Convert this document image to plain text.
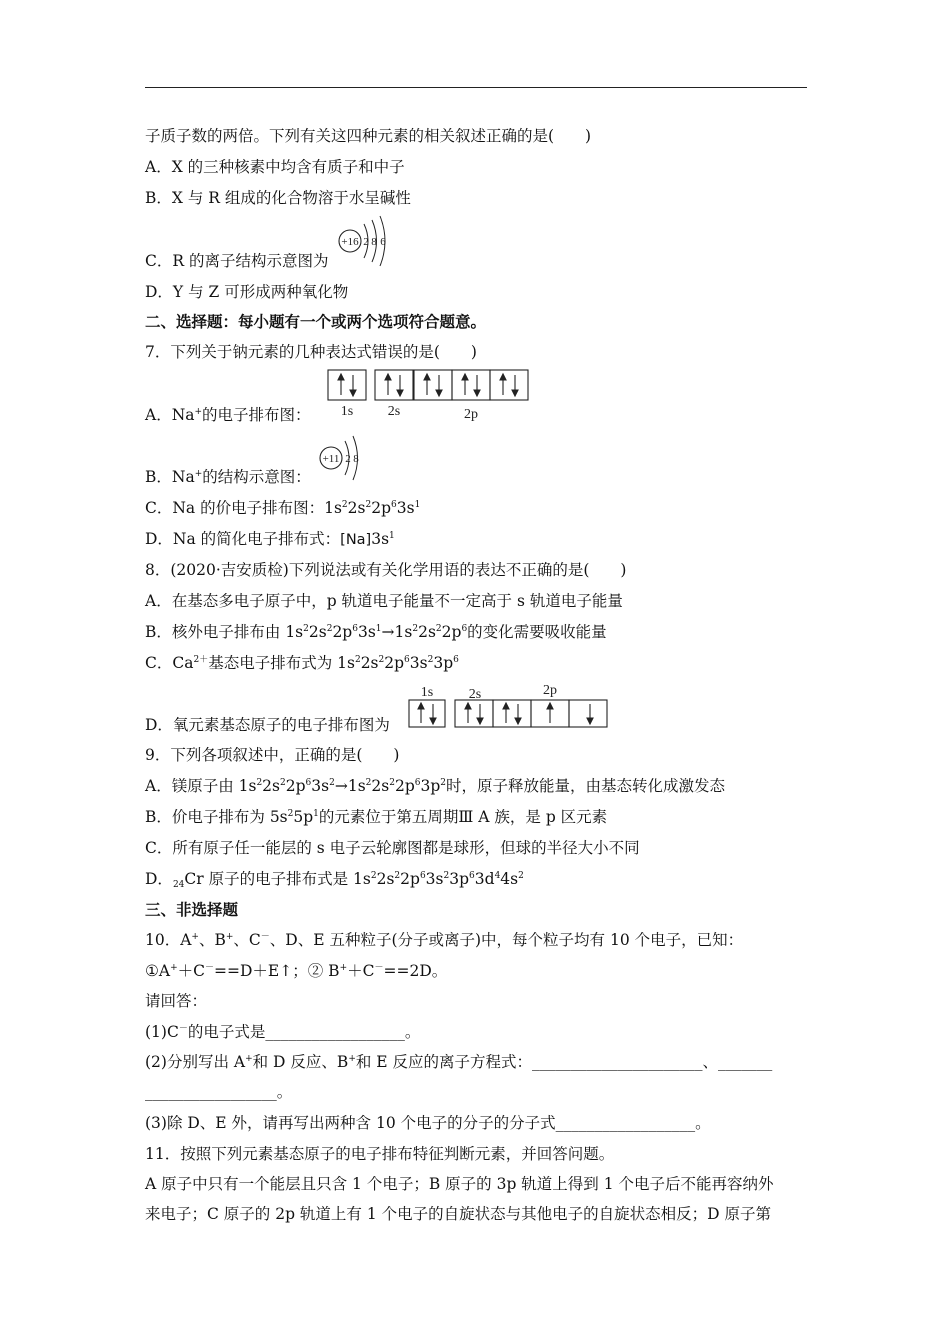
子质子数的两倍。下列有关这四种元素的相关叙述正确的是(　　)
A．X 的三种核素中均含有质子和中子
B．X 与 R 组成的化合物溶于水呈碱性
C．R 的离子结构示意图为
+16 2 8 6
D．Y 与 Z 可形成两种氧化物
二、选择题：每小题有一个或两个选项符合题意。
7．下列关于钠元素的几种表达式错误的是(　　)
1s 2s	2p
A．Na+的电子排布图：
+11 2 8
B．Na+的结构示意图：
C．Na 的价电子排布图：$1s^22s^22p^63s^1$
D．Na 的简化电子排布式：$[Na]3s^1$
8．(2020·吉安质检)下列说法或有关化学用语的表达不正确的是(　　)
A．在基态多电子原子中，p 轨道电子能量不一定高于 s 轨道电子能量
B．核外电子排布由 $1s^22s^22p^63s^1\to 1s^22s^22p^6$的变化需要吸收能量
C．$Ca^{2+}$基态电子排布式为 $1s^22s^22p^63s^23p^6$
1s	2s	2p
D．氧元素基态原子的电子排布图为
9．下列各项叙述中，正确的是(　　)
A．镁原子由 $1s^22s^22p^63s^2\to 1s^22s^22p^63p^2$时，原子释放能量，由基态转化成激发态
B．价电子排布为 $5s^25p^1$的元素位于第五周期Ⅲ A 族，是 p 区元素
C．所有原子任一能层的 s 电子云轮廓图都是球形，但球的半径大小不同
D．$_{24}$Cr 原子的电子排布式是 $1s^22s^22p^63s^23p^63d^44s^2$
三、非选择题
10．A+、B+、C－、D、E 五种粒子(分子或离子)中，每个粒子均有 10 个电子，已知：
①A+＋C－==D＋E↑；② B+＋C－==2D。
请回答：
(1)C－的电子式是__________________。
(2)分别写出 A+和 D 反应、B+和 E 反应的离子方程式：______________________、_______
_________________。
(3)除 D、E 外，请再写出两种含 10 个电子的分子的分子式__________________。
11．按照下列元素基态原子的电子排布特征判断元素，并回答问题。
A 原子中只有一个能层且只含 1 个电子；B 原子的 3p 轨道上得到 1 个电子后不能再容纳外
来电子；C 原子的 2p 轨道上有 1 个电子的自旋状态与其他电子的自旋状态相反；D 原子第
